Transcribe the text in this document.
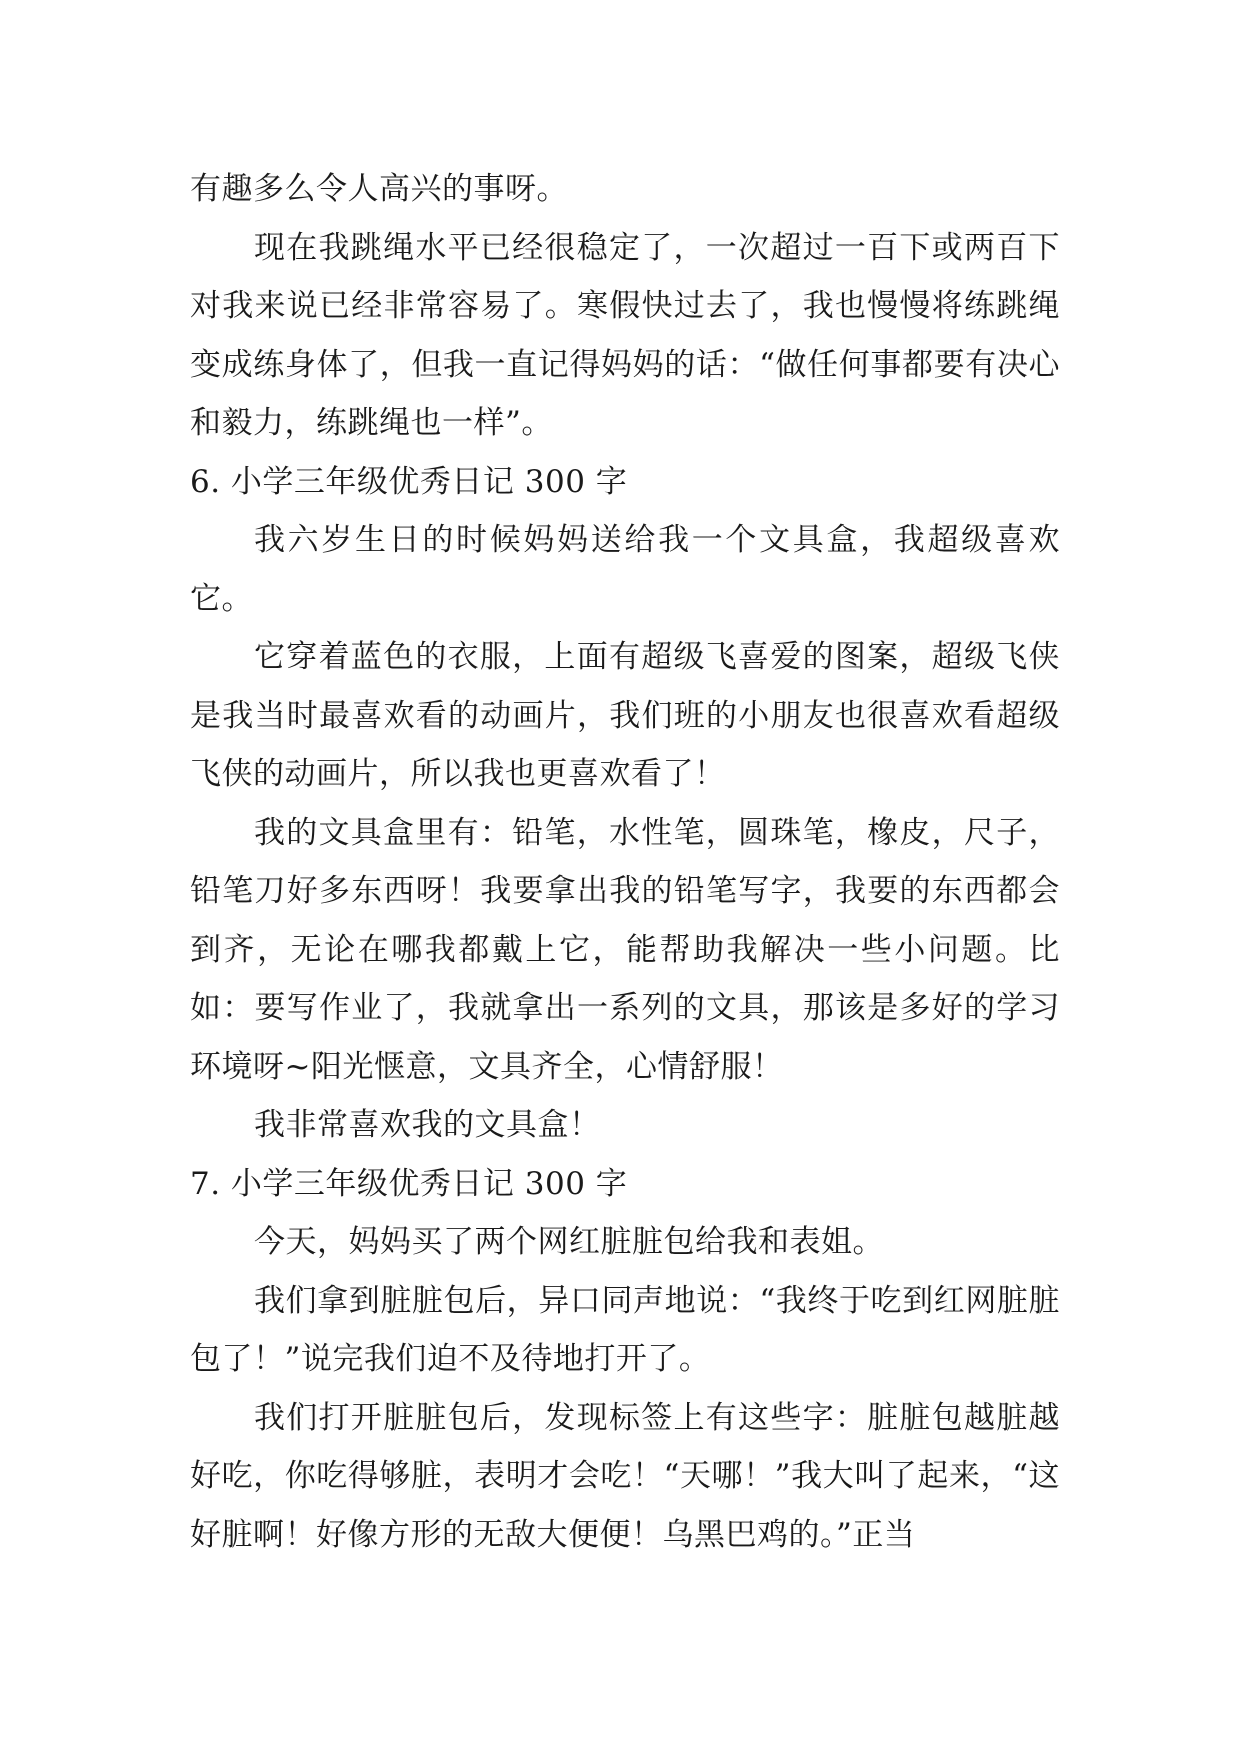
有趣多么令人高兴的事呀。

现在我跳绳水平已经很稳定了，一次超过一百下或两百下对我来说已经非常容易了。寒假快过去了，我也慢慢将练跳绳变成练身体了，但我一直记得妈妈的话：“做任何事都要有决心和毅力，练跳绳也一样”。

6. 小学三年级优秀日记 300 字

我六岁生日的时候妈妈送给我一个文具盒，我超级喜欢它。

它穿着蓝色的衣服，上面有超级飞喜爱的图案，超级飞侠是我当时最喜欢看的动画片，我们班的小朋友也很喜欢看超级飞侠的动画片，所以我也更喜欢看了！

我的文具盒里有：铅笔，水性笔，圆珠笔，橡皮，尺子，铅笔刀好多东西呀！我要拿出我的铅笔写字，我要的东西都会到齐，无论在哪我都戴上它，能帮助我解决一些小问题。比如：要写作业了，我就拿出一系列的文具，那该是多好的学习环境呀~阳光惬意，文具齐全，心情舒服！

我非常喜欢我的文具盒！

7. 小学三年级优秀日记 300 字

今天，妈妈买了两个网红脏脏包给我和表姐。

我们拿到脏脏包后，异口同声地说：“我终于吃到红网脏脏包了！”说完我们迫不及待地打开了。

我们打开脏脏包后，发现标签上有这些字：脏脏包越脏越好吃，你吃得够脏，表明才会吃！“天哪！”我大叫了起来，“这好脏啊！好像方形的无敌大便便！乌黑巴鸡的。”正当
